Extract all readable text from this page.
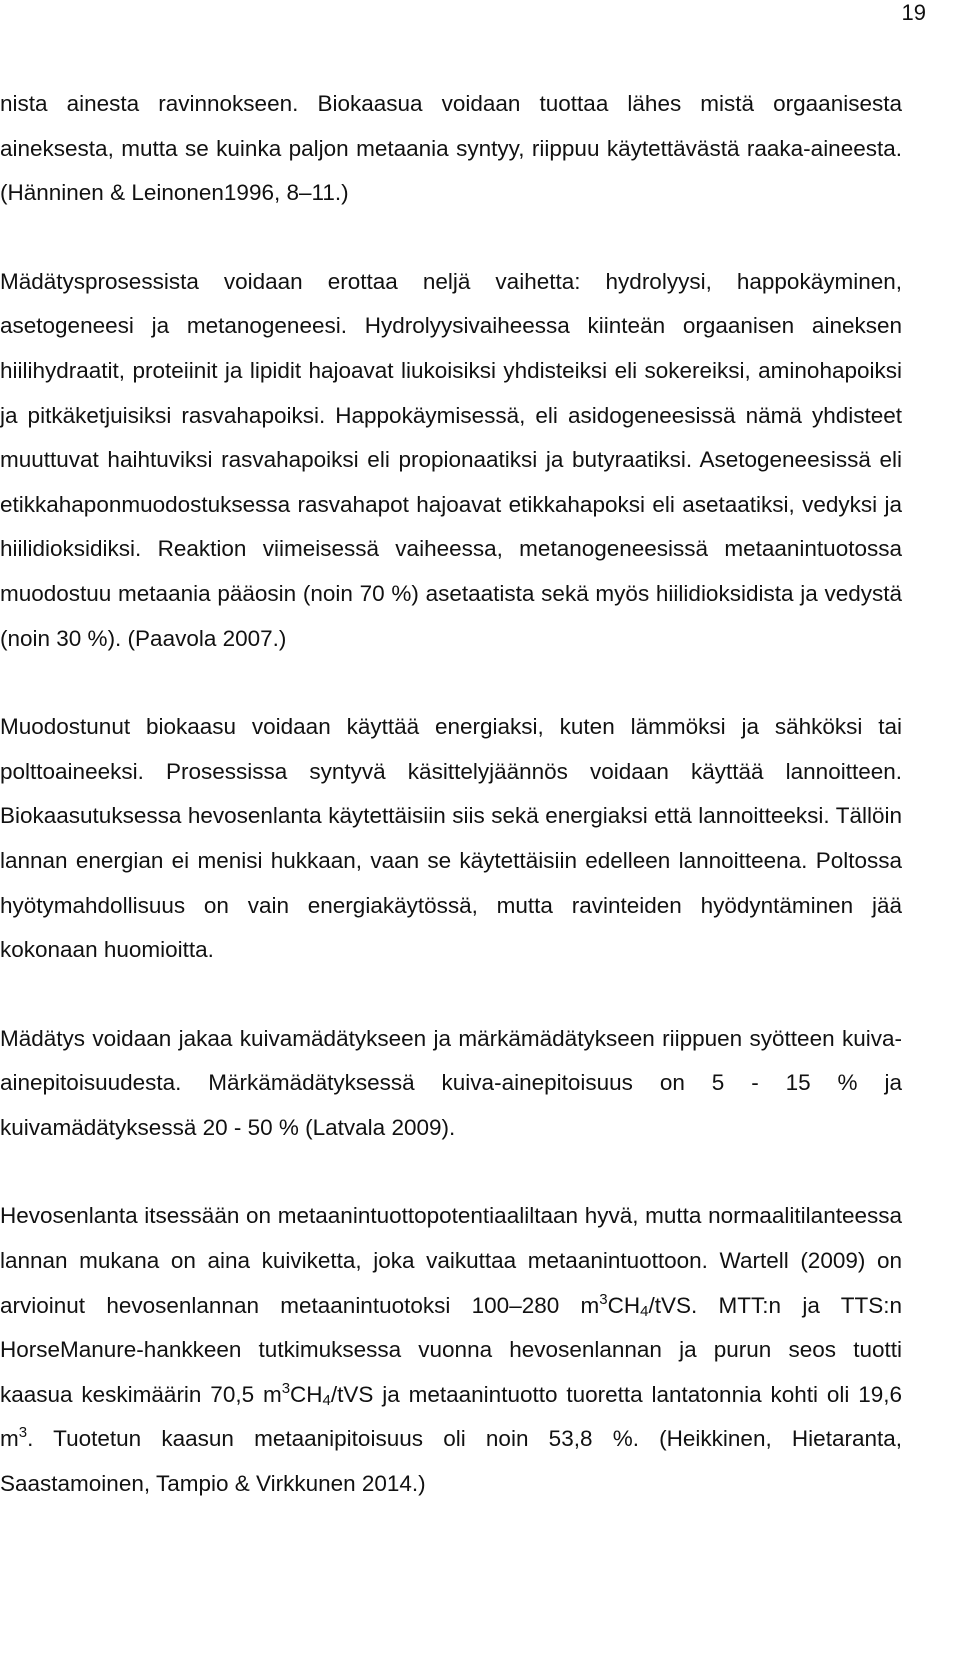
19

nista ainesta ravinnokseen. Biokaasua voidaan tuottaa lähes mistä orgaanisesta aineksesta, mutta se kuinka paljon metaania syntyy, riippuu käytettävästä raaka-aineesta. (Hänninen & Leinonen1996, 8–11.)

Mädätysprosessista voidaan erottaa neljä vaihetta: hydrolyysi, happokäyminen, asetogeneesi ja metanogeneesi. Hydrolyysivaiheessa kiinteän orgaanisen aineksen hiilihydraatit, proteiinit ja lipidit hajoavat liukoisiksi yhdisteiksi eli sokereiksi, aminohapoiksi ja pitkäketjuisiksi rasvahapoiksi. Happokäymisessä, eli asidogeneesissä nämä yhdisteet muuttuvat haihtuviksi rasvahapoiksi eli propionaatiksi ja butyraatiksi. Asetogeneesissä eli etikkahaponmuodostuksessa rasvahapot hajoavat etikkahapoksi eli asetaatiksi, vedyksi ja hiilidioksidiksi. Reaktion viimeisessä vaiheessa, metanogeneesissä metaanintuotossa muodostuu metaania pääosin (noin 70 %) asetaatista sekä myös hiilidioksidista ja vedystä (noin 30 %). (Paavola 2007.)

Muodostunut biokaasu voidaan käyttää energiaksi, kuten lämmöksi ja sähköksi tai polttoaineeksi. Prosessissa syntyvä käsittelyjäännös voidaan käyttää lannoitteen. Biokaasutuksessa hevosenlanta käytettäisiin siis sekä energiaksi että lannoitteeksi. Tällöin lannan energian ei menisi hukkaan, vaan se käytettäisiin edelleen lannoitteena. Poltossa hyötymahdollisuus on vain energiakäytössä, mutta ravinteiden hyödyntäminen jää kokonaan huomioitta.

Mädätys voidaan jakaa kuivamädätykseen ja märkämädätykseen riippuen syötteen kuiva-ainepitoisuudesta. Märkämädätyksessä kuiva-ainepitoisuus on 5 - 15 % ja kuivamädätyksessä 20 - 50 % (Latvala 2009).

Hevosenlanta itsessään on metaanintuottopotentiaaliltaan hyvä, mutta normaalitilanteessa lannan mukana on aina kuivikettа, joka vaikuttaa metaanintuottoon. Wartell (2009) on arvioinut hevosenlannan metaanintuotoksi 100–280 $m^3CH_4$/tVS. MTT:n ja TTS:n HorseManure-hankkeen tutkimuksessa vuonna hevosenlannan ja purun seos tuotti kaasua keskimäärin 70,5 $m^3CH_4$/tVS ja metaanintuotto tuoretta lantatonnia kohti oli 19,6 $m^3$. Tuotetun kaasun metaanipitoisuus oli noin 53,8 %. (Heikkinen, Hietaranta, Saastamoinen, Tampio & Virkkunen 2014.)
